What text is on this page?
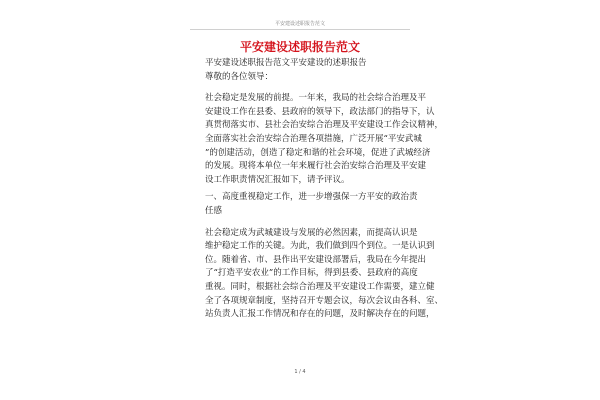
平安建设述职报告范文
平安建设述职报告范文
平安建设述职报告范文平安建设的述职报告
尊敬的各位领导：
社会稳定是发展的前提。一年来，我局的社会综合治理及平
安建设工作在县委、县政府的领导下，政法部门的指导下，认
真贯彻落实市、县社会治安综合治理及平安建设工作会议精神，
全面落实社会治安综合治理各项措施，广泛开展“平安武城
”的创建活动，创造了稳定和谐的社会环境，促进了武城经济
的发展。现将本单位一年来履行社会治安综合治理及平安建
设工作职责情况汇报如下，请予评议。
一、高度重视稳定工作，进一步增强保一方平安的政治责
任感
社会稳定成为武城建设与发展的必然因素，而提高认识是
维护稳定工作的关键。为此，我们做到四个到位。一是认识到
位。随着省、市、县作出平安建设部署后，我局在今年提出
了“打造平安农业”的工作目标，得到县委、县政府的高度
重视。同时，根据社会综合治理及平安建设工作需要，建立健
全了各项规章制度，坚持召开专题会议，每次会议由各科、室、
站负责人汇报工作情况和存在的问题，及时解决存在的问题，
1 / 4
